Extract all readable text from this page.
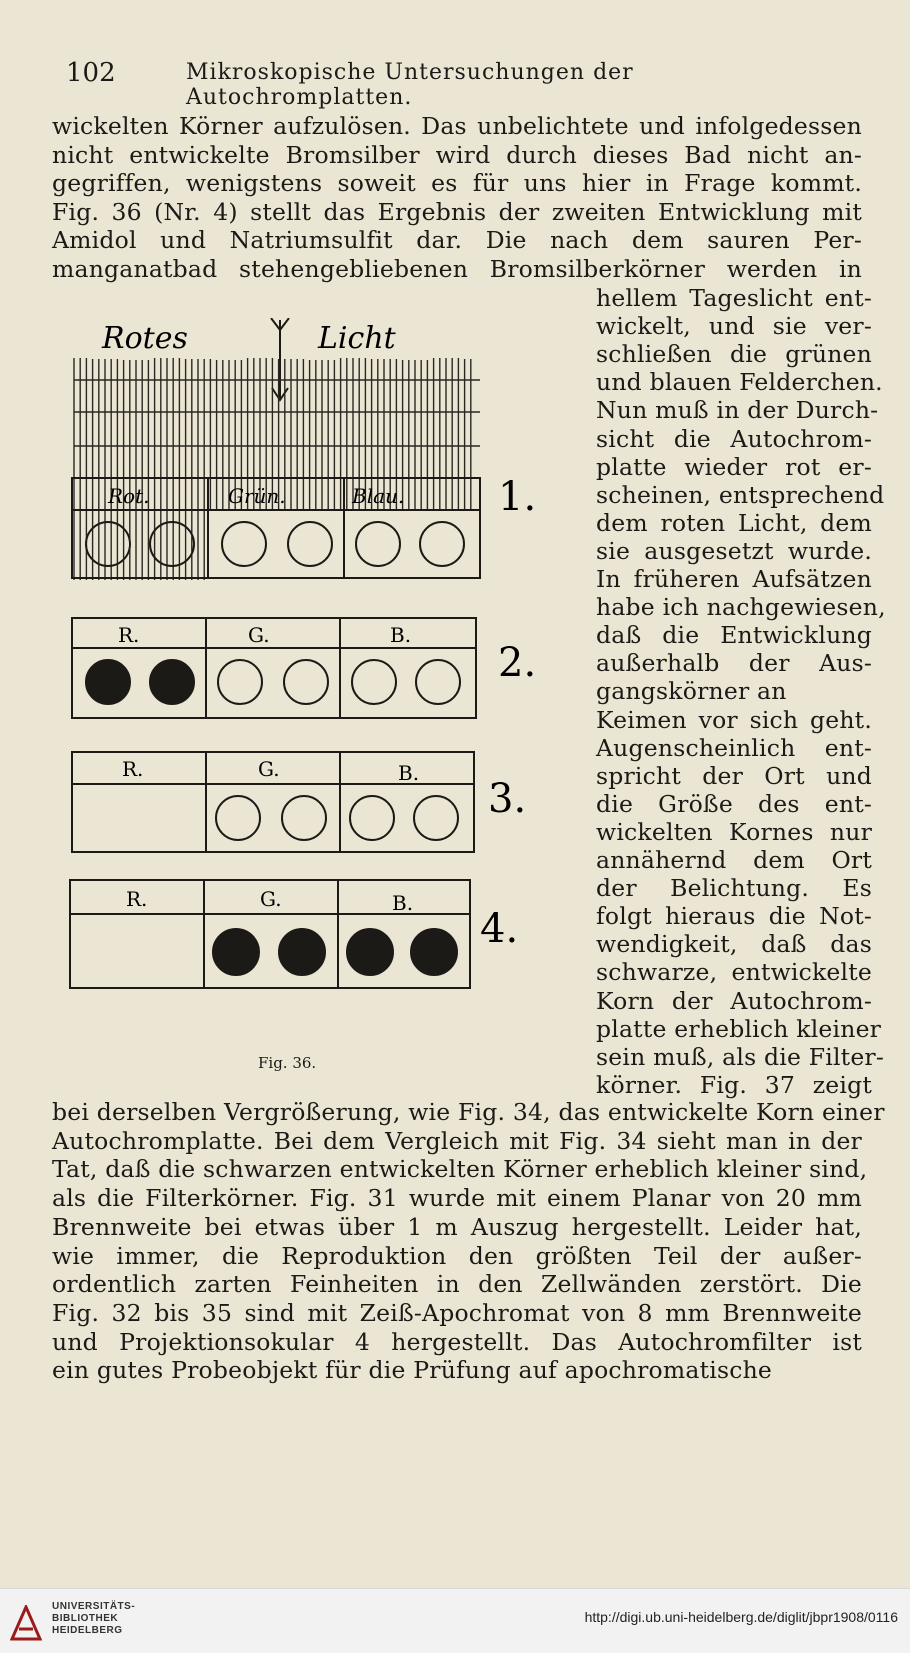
102	Mikroskopische Untersuchungen der Autochromplatten.
wickelten Körner aufzulösen. Das unbelichtete und infolgedessen
nicht entwickelte Bromsilber wird durch dieses Bad nicht an-
gegriffen, wenigstens soweit es für uns hier in Frage kommt.
Fig. 36 (Nr. 4) stellt das Ergebnis der zweiten Entwicklung mit
Amidol und Natriumsulfit dar. Die nach dem sauren Per-
manganatbad stehengebliebenen Bromsilberkörner werden in
hellem Tageslicht ent-
wickelt, und sie ver-
schließen die grünen
und blauen Felderchen.
Nun muß in der Durch-
sicht die Autochrom-
platte wieder rot er-
scheinen, entsprechend
dem roten Licht, dem
sie ausgesetzt wurde.
In früheren Aufsätzen
habe ich nachgewiesen,
daß die Entwicklung
außerhalb der Aus-
gangskörner an
Keimen vor sich geht.
Augenscheinlich ent-
spricht der Ort und
die Größe des ent-
wickelten Kornes nur
annähernd dem Ort
der Belichtung. Es
folgt hieraus die Not-
wendigkeit, daß das
schwarze, entwickelte
Korn der Autochrom-
platte erheblich kleiner
sein muß, als die Filter-
körner. Fig. 37 zeigt
bei derselben Vergrößerung, wie Fig. 34, das entwickelte Korn einer
Autochromplatte. Bei dem Vergleich mit Fig. 34 sieht man in der
Tat, daß die schwarzen entwickelten Körner erheblich kleiner sind,
als die Filterkörner. Fig. 31 wurde mit einem Planar von 20 mm
Brennweite bei etwas über 1 m Auszug hergestellt. Leider hat,
wie immer, die Reproduktion den größten Teil der außer-
ordentlich zarten Feinheiten in den Zellwänden zerstört. Die
Fig. 32 bis 35 sind mit Zeiß-Apochromat von 8 mm Brennweite
und Projektionsokular 4 hergestellt. Das Autochromfilter ist
ein gutes Probeobjekt für die Prüfung auf apochromatische
Rotes	Licht
Rot.	Grün.	Blau. 1.
R.	G.	B.
2.
R.	G.	B.
3.
R.	G.	B.
4.
Fig. 36.
UNIVERSITÄTS-
BIBLIOTHEK
HEIDELBERG
http://digi.ub.uni-heidelberg.de/diglit/jbpr1908/0116
